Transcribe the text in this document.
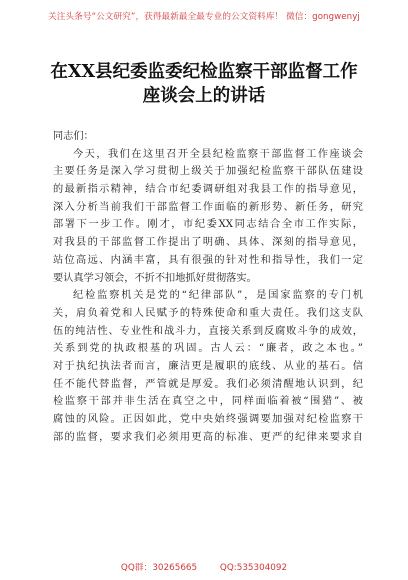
关注头条号“公文研究”，获得最新最全最专业的公文资料库！ 微信：gongwenyj
在XX县纪委监委纪检监察干部监督工作
座谈会上的讲话
同志们：
今天，我们在这里召开全县纪检监察干部监督工作座谈会
主要任务是深入学习贯彻上级关于加强纪检监察干部队伍建设
的最新指示精神，结合市纪委调研组对我县工作的指导意见，
深入分析当前我们干部监督工作面临的新形势、新任务，研究
部署下一步工作。刚才，市纪委XX同志结合全市工作实际，
对我县的干部监督工作提出了明确、具体、深刻的指导意见，
站位高远、内涵丰富，具有很强的针对性和指导性，我们一定
要认真学习领会，不折不扣地抓好贯彻落实。
纪检监察机关是党的“纪律部队”，是国家监察的专门机
关，肩负着党和人民赋予的特殊使命和重大责任。我们这支队
伍的纯洁性、专业性和战斗力，直接关系到反腐败斗争的成效，
关系到党的执政根基的巩固。古人云：“廉者，政之本也。”
对于执纪执法者而言，廉洁更是履职的底线、从业的基石。信
任不能代替监督，严管就是厚爱。我们必须清醒地认识到，纪
检监察干部并非生活在真空之中，同样面临着被“围猎”、被
腐蚀的风险。正因如此，党中央始终强调要加强对纪检监察干
部的监督，要求我们必须用更高的标准、更严的纪律来要求自
QQ群：30265665	QQ:535304092
